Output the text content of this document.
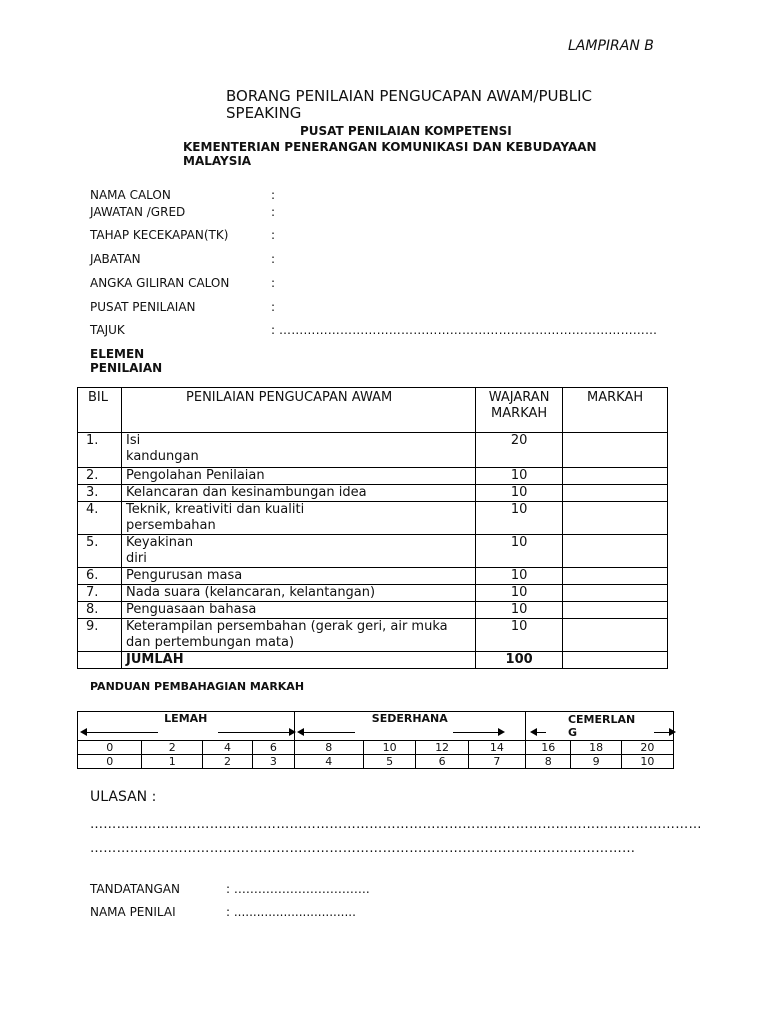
LAMPIRAN B
BORANG PENILAIAN PENGUCAPAN AWAM/PUBLIC SPEAKING
PUSAT PENILAIAN KOMPETENSI
KEMENTERIAN PENERANGAN KOMUNIKASI DAN KEBUDAYAAN MALAYSIA
NAMA CALON	:
JAWATAN /GRED	:
TAHAP KECEKAPAN(TK)	:
JABATAN	:
ANGKA GILIRAN CALON	:
PUSAT PENILAIAN	:
TAJUK	: …………………………………………………………………………………
ELEMEN PENILAIAN
BIL	PENILAIAN PENGUCAPAN AWAM	WAJARAN MARKAH	MARKAH
1.	Isi kandungan	20	
2.	Pengolahan Penilaian	10	
3.	Kelancaran dan kesinambungan idea	10	
4.	Teknik, kreativiti dan kualiti persembahan	10	
5.	Keyakinan diri	10	
6.	Pengurusan masa	10	
7.	Nada suara (kelancaran, kelantangan)	10	
8.	Penguasaan bahasa	10	
9.	Keterampilan persembahan (gerak geri, air muka dan pertembungan mata)	10	
	JUMLAH	100	
PANDUAN PEMBAHAGIAN MARKAH
LEMAH				SEDERHANA				CEMERLANG		

0	2	4	6	8	10	12	14	16	18	20
0	1	2	3	4	5	6	7	8	9	10
ULASAN :
…………………………………………………………………………………………………………………………
……………………………………………………………………………………………………………
TANDATANGAN	: …………………………….
NAMA PENILAI	: ................................
